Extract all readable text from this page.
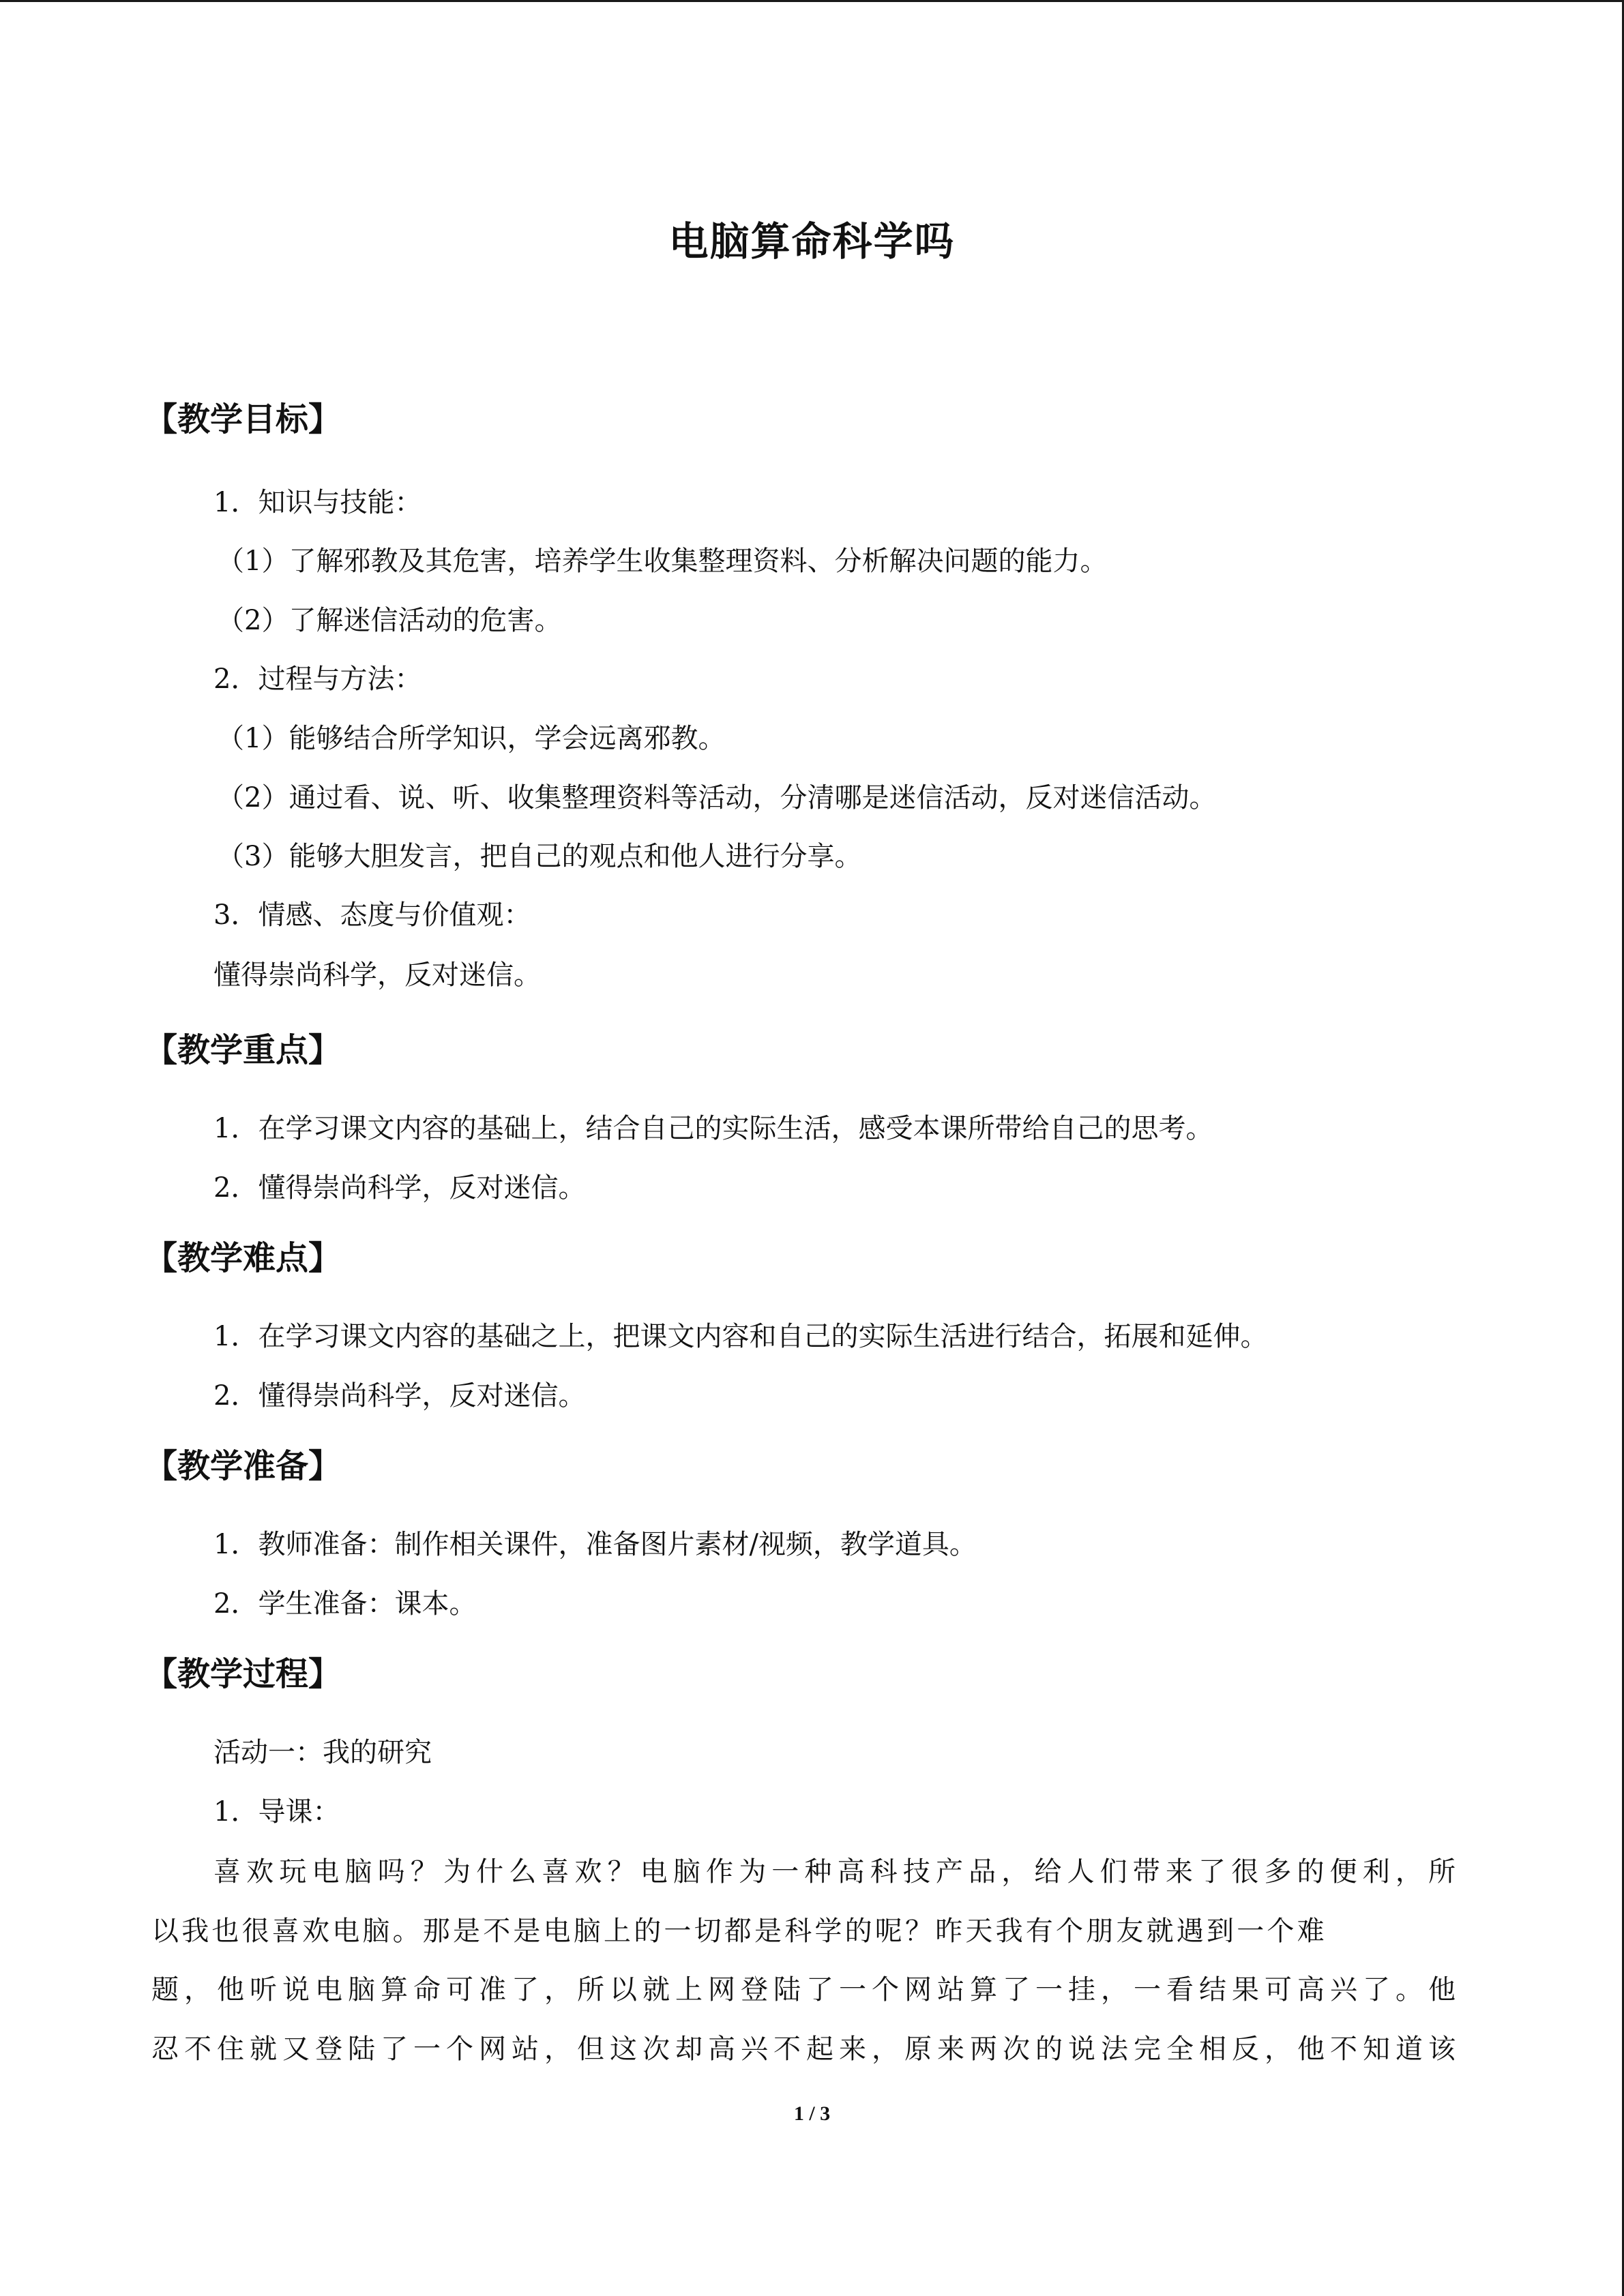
电脑算命科学吗
【教学目标】
1．知识与技能：
（1）了解邪教及其危害，培养学生收集整理资料、分析解决问题的能力。
（2）了解迷信活动的危害。
2．过程与方法：
（1）能够结合所学知识，学会远离邪教。
（2）通过看、说、听、收集整理资料等活动，分清哪是迷信活动，反对迷信活动。
（3）能够大胆发言，把自己的观点和他人进行分享。
3．情感、态度与价值观：
懂得崇尚科学，反对迷信。
【教学重点】
1．在学习课文内容的基础上，结合自己的实际生活，感受本课所带给自己的思考。
2．懂得崇尚科学，反对迷信。
【教学难点】
1．在学习课文内容的基础之上，把课文内容和自己的实际生活进行结合，拓展和延伸。
2．懂得崇尚科学，反对迷信。
【教学准备】
1．教师准备：制作相关课件，准备图片素材/视频，教学道具。
2．学生准备：课本。
【教学过程】
活动一：我的研究
1．导课：
喜欢玩电脑吗？为什么喜欢？电脑作为一种高科技产品，给人们带来了很多的便利，所
以我也很喜欢电脑。那是不是电脑上的一切都是科学的呢？昨天我有个朋友就遇到一个难
题，他听说电脑算命可准了，所以就上网登陆了一个网站算了一挂，一看结果可高兴了。他
忍不住就又登陆了一个网站，但这次却高兴不起来，原来两次的说法完全相反，他不知道该
1 / 3
